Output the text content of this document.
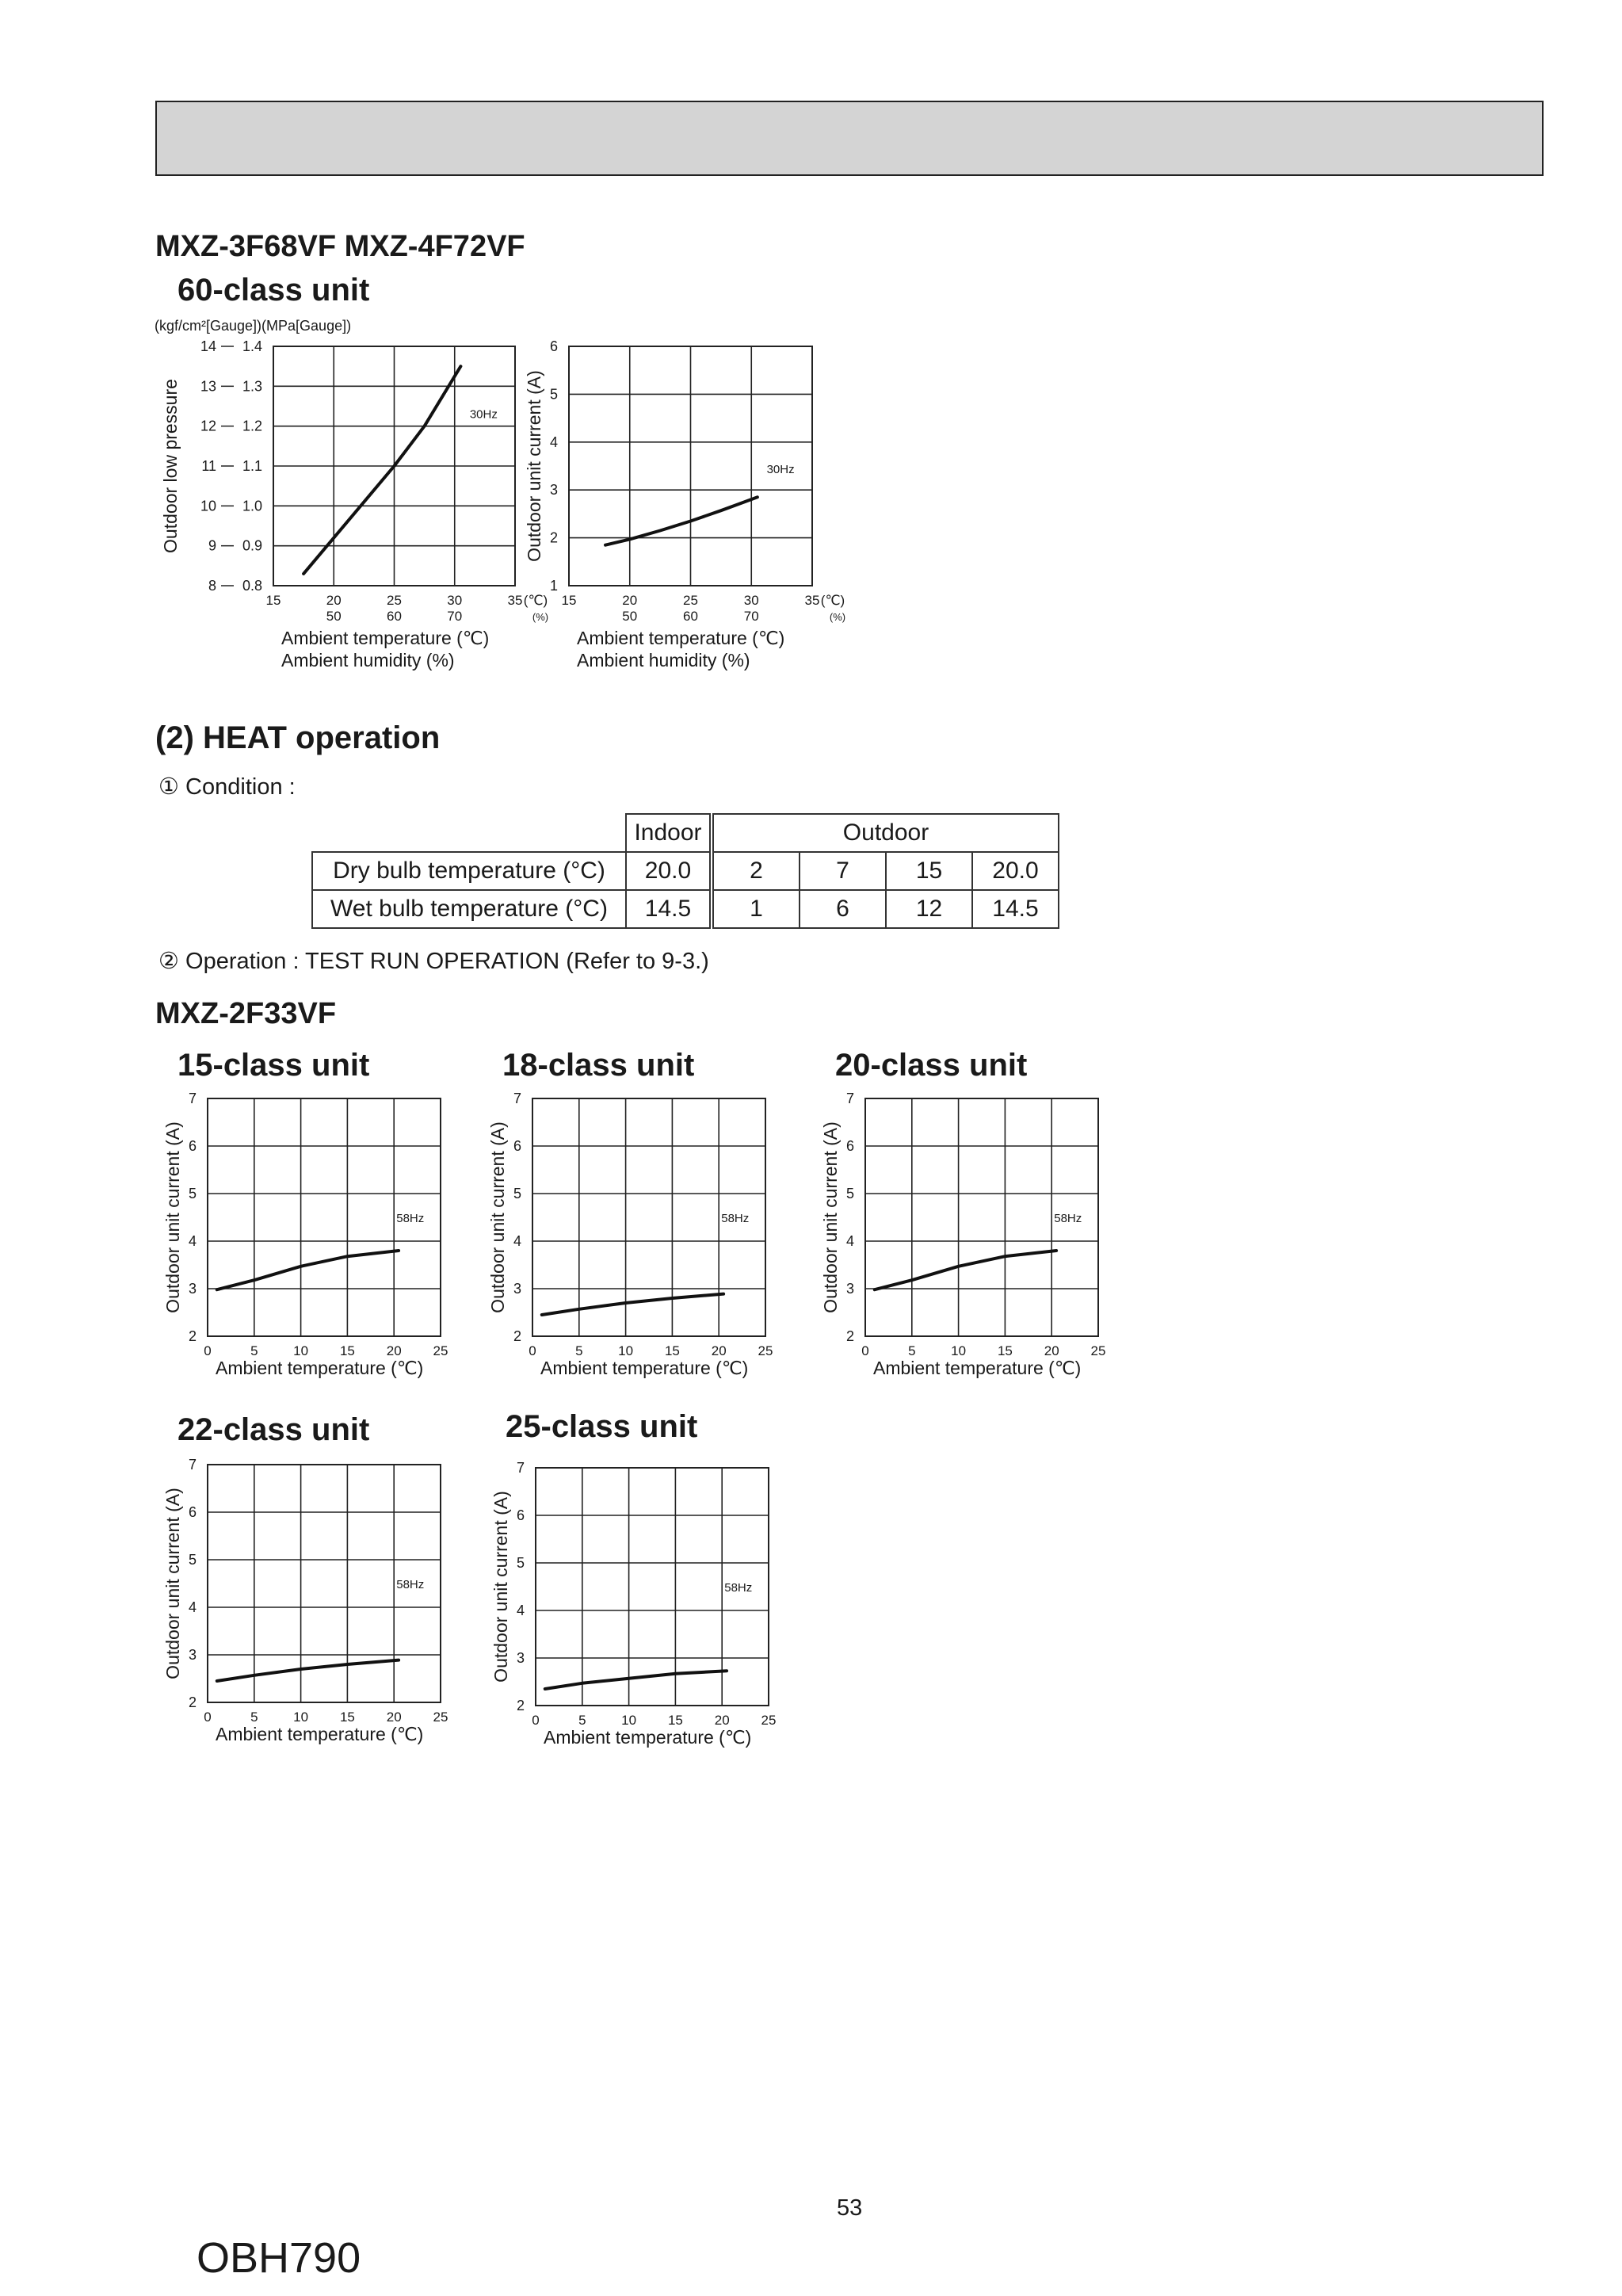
MXZ-3F68VF MXZ-4F72VF
60-class unit
15	20	25	30	35
50	60	70
(℃)
(%)
0.8
0.9
1.0
1.1
1.2
1.3
1.4
8
9
10
11
12
13
14
(kgf/cm²[Gauge])(MPa[Gauge])
Outdoor low pressure
Ambient temperature (℃)
Ambient humidity (%)
30Hz
15	20	25	30	35
50	60	70
(℃)
(%)
1
2
3
4
5
6
Outdoor unit current (A)
Ambient temperature (℃)
Ambient humidity (%)
30Hz
(2) HEAT operation
① Condition :
	Indoor	Outdoor			
Dry bulb temperature (°C)	20.0	2	7	15	20.0
Wet bulb temperature (°C)	14.5	1	6	12	14.5
② Operation : TEST RUN OPERATION (Refer to 9-3.)
MXZ-2F33VF
15-class unit	18-class unit	20-class unit
22-class unit	25-class unit
0	5	10 15 20 25
2
3
4
5
6
7
Outdoor unit current (A)
Ambient temperature (℃)
58Hz
0	5	10 15 20 25
2
3
4
5
6
7
Outdoor unit current (A)
Ambient temperature (℃)
58Hz
0	5	10 15 20 25
2
3
4
5
6
7
Outdoor unit current (A)
Ambient temperature (℃)
58Hz
0	5	10 15 20 25
2
3
4
5
6
7
Outdoor unit current (A)
Ambient temperature (℃)
58Hz
0	5	10 15 20 25
2
3
4
5
6
7
Outdoor unit current (A)
Ambient temperature (℃)
58Hz
53
OBH790
